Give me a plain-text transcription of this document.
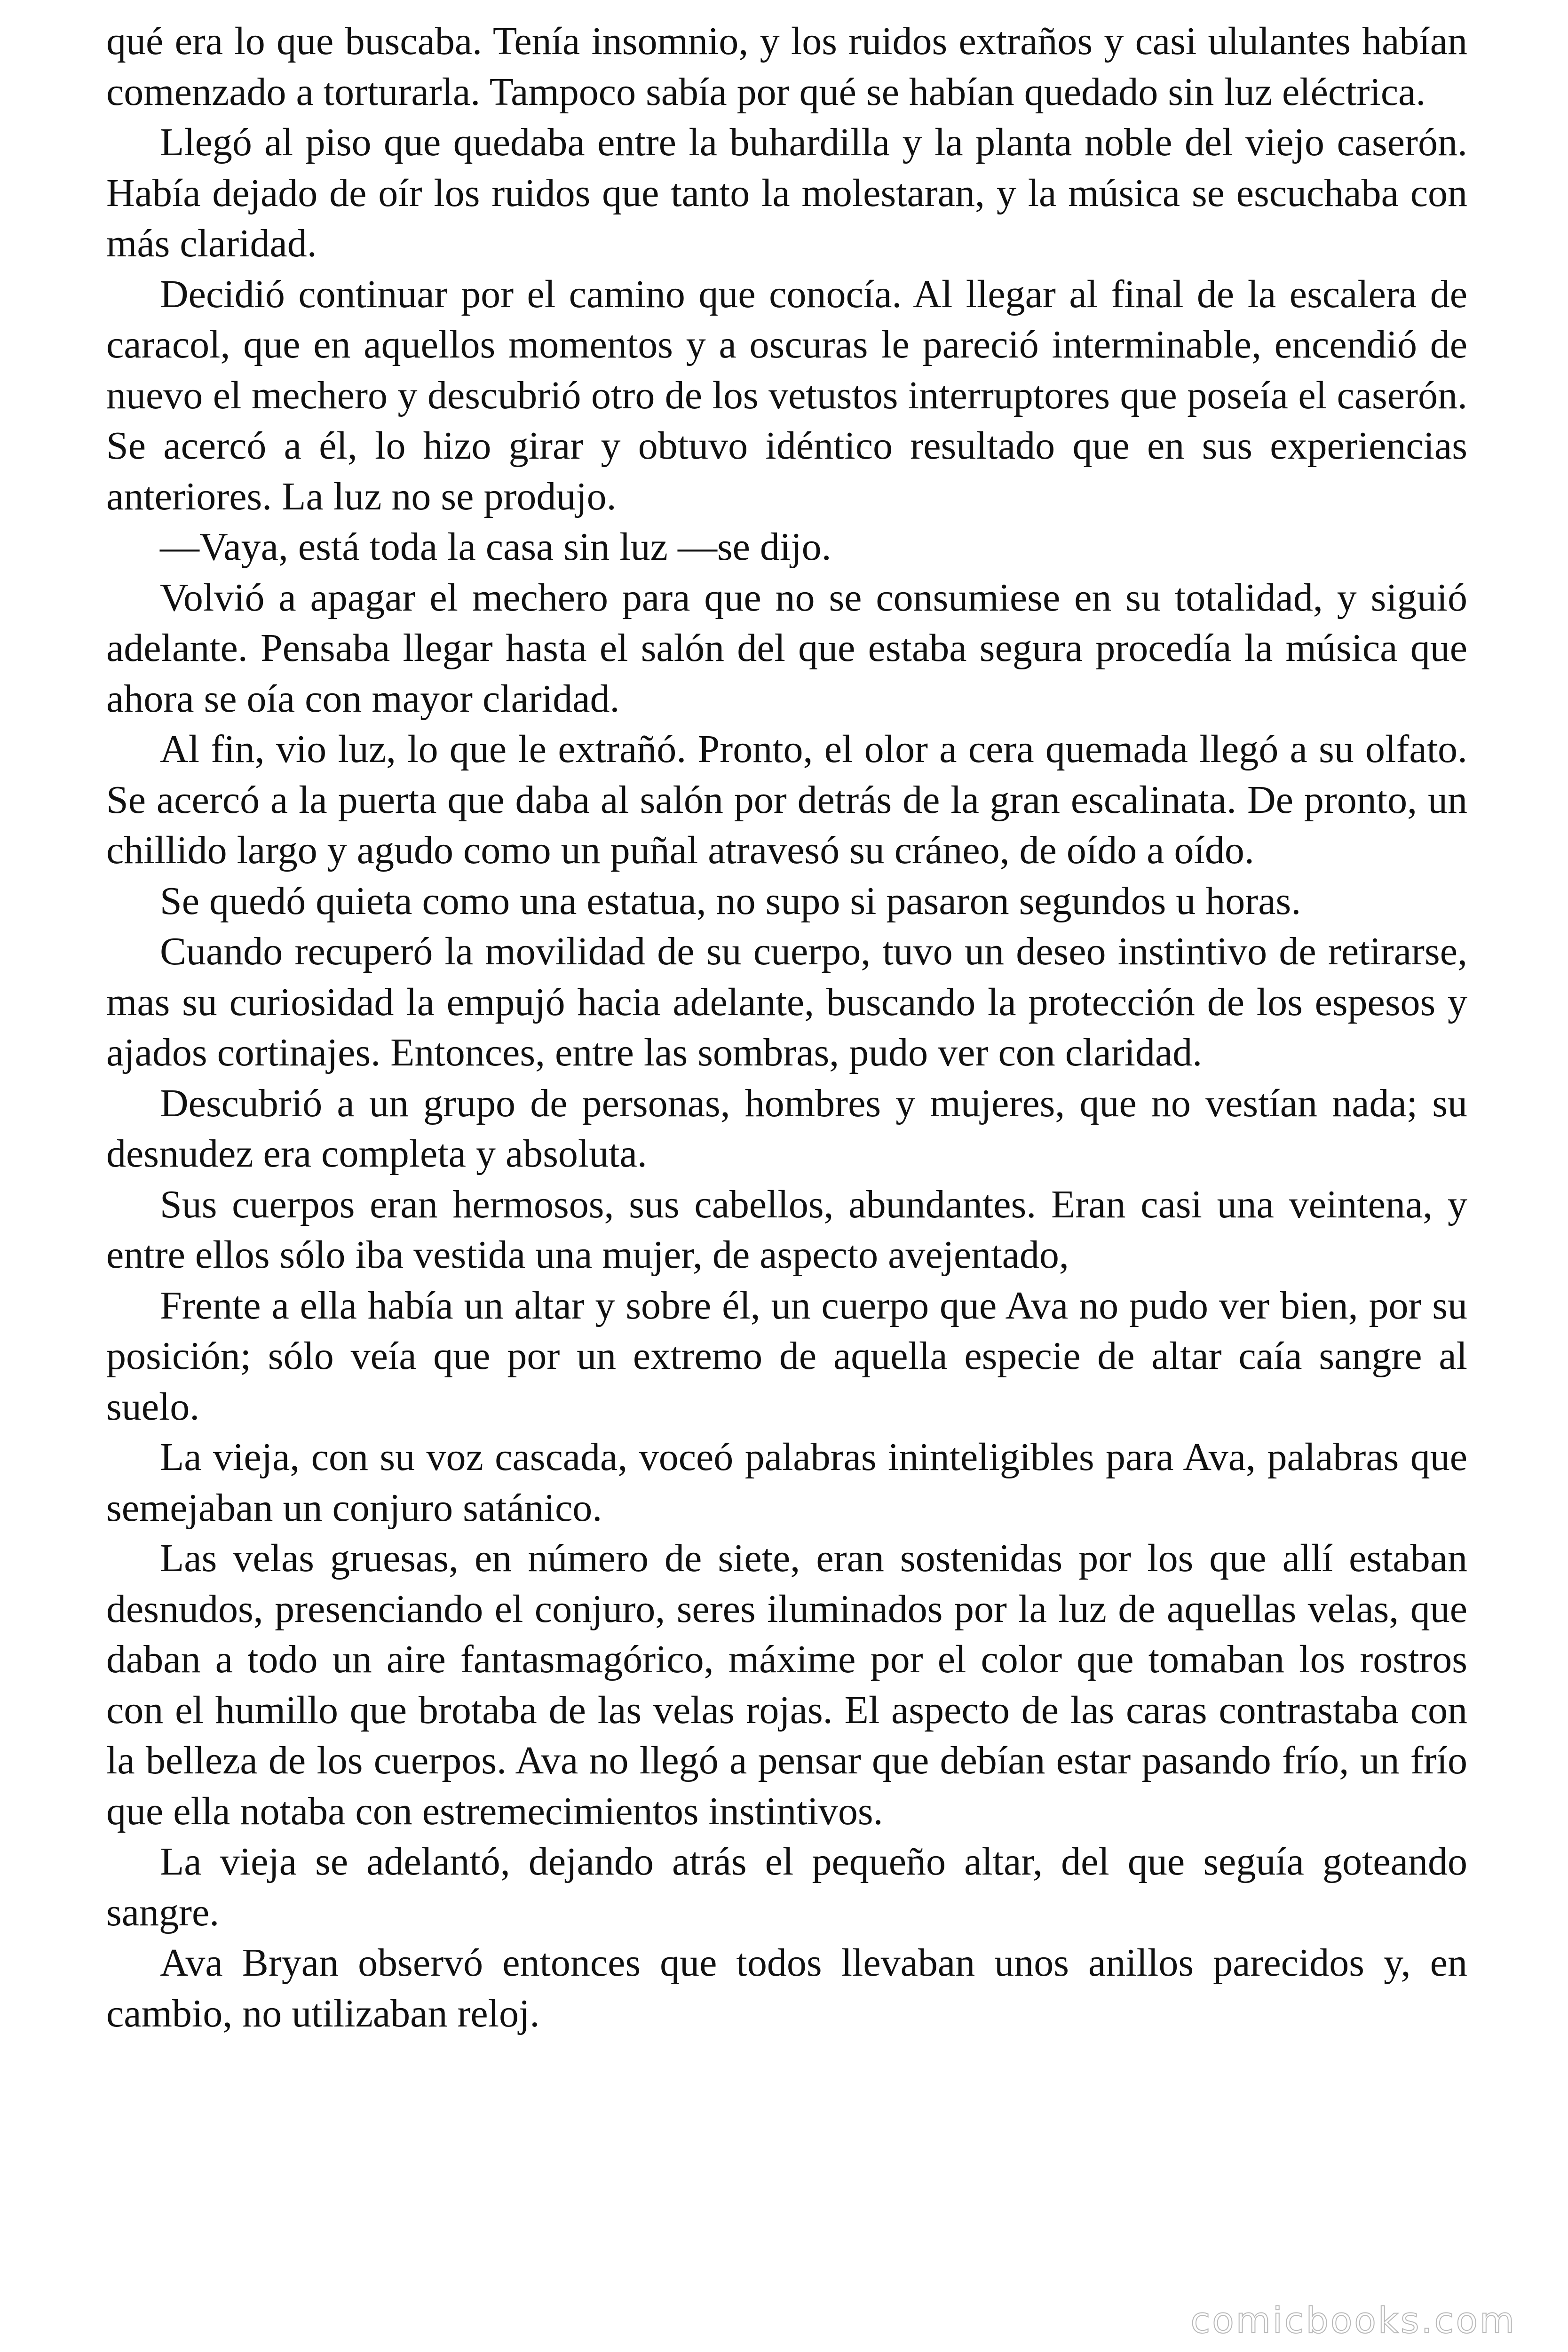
qué era lo que buscaba. Tenía insomnio, y los ruidos extraños y casi ululantes habían comenzado a torturarla. Tampoco sabía por qué se habían quedado sin luz eléctrica.

Llegó al piso que quedaba entre la buhardilla y la planta noble del viejo caserón. Había dejado de oír los ruidos que tanto la molestaran, y la música se escuchaba con más claridad.

Decidió continuar por el camino que conocía. Al llegar al final de la escalera de caracol, que en aquellos momentos y a oscuras le pareció interminable, encendió de nuevo el mechero y descubrió otro de los vetustos interruptores que poseía el caserón. Se acercó a él, lo hizo girar y obtuvo idéntico resultado que en sus experiencias anteriores. La luz no se produjo.

—Vaya, está toda la casa sin luz —se dijo.

Volvió a apagar el mechero para que no se consumiese en su totalidad, y siguió adelante. Pensaba llegar hasta el salón del que estaba segura procedía la música que ahora se oía con mayor claridad.

Al fin, vio luz, lo que le extrañó. Pronto, el olor a cera quemada llegó a su olfato. Se acercó a la puerta que daba al salón por detrás de la gran escalinata. De pronto, un chillido largo y agudo como un puñal atravesó su cráneo, de oído a oído.

Se quedó quieta como una estatua, no supo si pasaron segundos u horas.

Cuando recuperó la movilidad de su cuerpo, tuvo un deseo instintivo de retirarse, mas su curiosidad la empujó hacia adelante, buscando la protección de los espesos y ajados cortinajes. Entonces, entre las sombras, pudo ver con claridad.

Descubrió a un grupo de personas, hombres y mujeres, que no vestían nada; su desnudez era completa y absoluta.

Sus cuerpos eran hermosos, sus cabellos, abundantes. Eran casi una veintena, y entre ellos sólo iba vestida una mujer, de aspecto avejentado,

Frente a ella había un altar y sobre él, un cuerpo que Ava no pudo ver bien, por su posición; sólo veía que por un extremo de aquella especie de altar caía sangre al suelo.

La vieja, con su voz cascada, voceó palabras ininteligibles para Ava, palabras que semejaban un conjuro satánico.

Las velas gruesas, en número de siete, eran sostenidas por los que allí estaban desnudos, presenciando el conjuro, seres iluminados por la luz de aquellas velas, que daban a todo un aire fantasmagórico, máxime por el color que tomaban los rostros con el humillo que brotaba de las velas rojas. El aspecto de las caras contrastaba con la belleza de los cuerpos. Ava no llegó a pensar que debían estar pasando frío, un frío que ella notaba con estremecimientos instintivos.

La vieja se adelantó, dejando atrás el pequeño altar, del que seguía goteando sangre.

Ava Bryan observó entonces que todos llevaban unos anillos parecidos y, en cambio, no utilizaban reloj.

comicbooks.com
